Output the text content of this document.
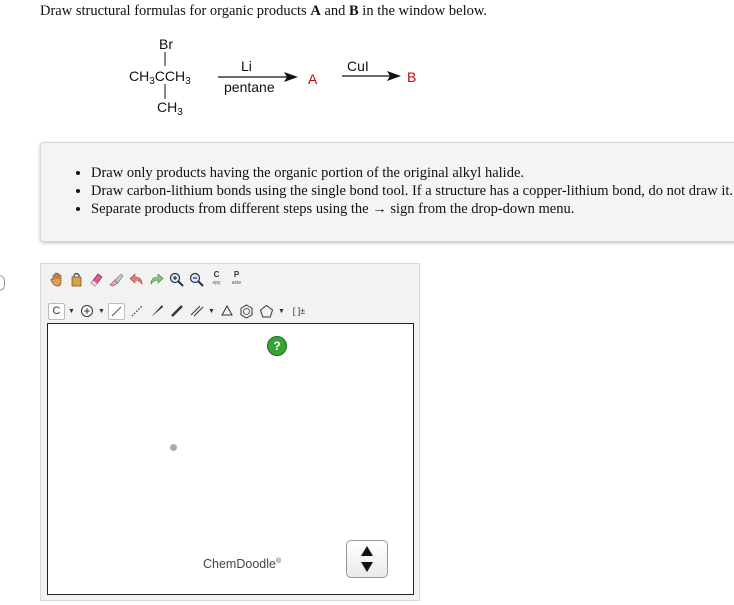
Draw structural formulas for organic products A and B in the window below.
Br
$CH_3CCH_3$
$CH_3$
Li
pentane A
CuI
B
• Draw only products having the organic portion of the original alkyl halide.
• Draw carbon-lithium bonds using the single bond tool. If a structure has a copper-lithium bond, do not draw it.
• Separate products from different steps using the → sign from the drop-down menu.
C
opy
P
aste
C	▼	▼	▼	▼ [ ]±
?
ChemDoodle®
